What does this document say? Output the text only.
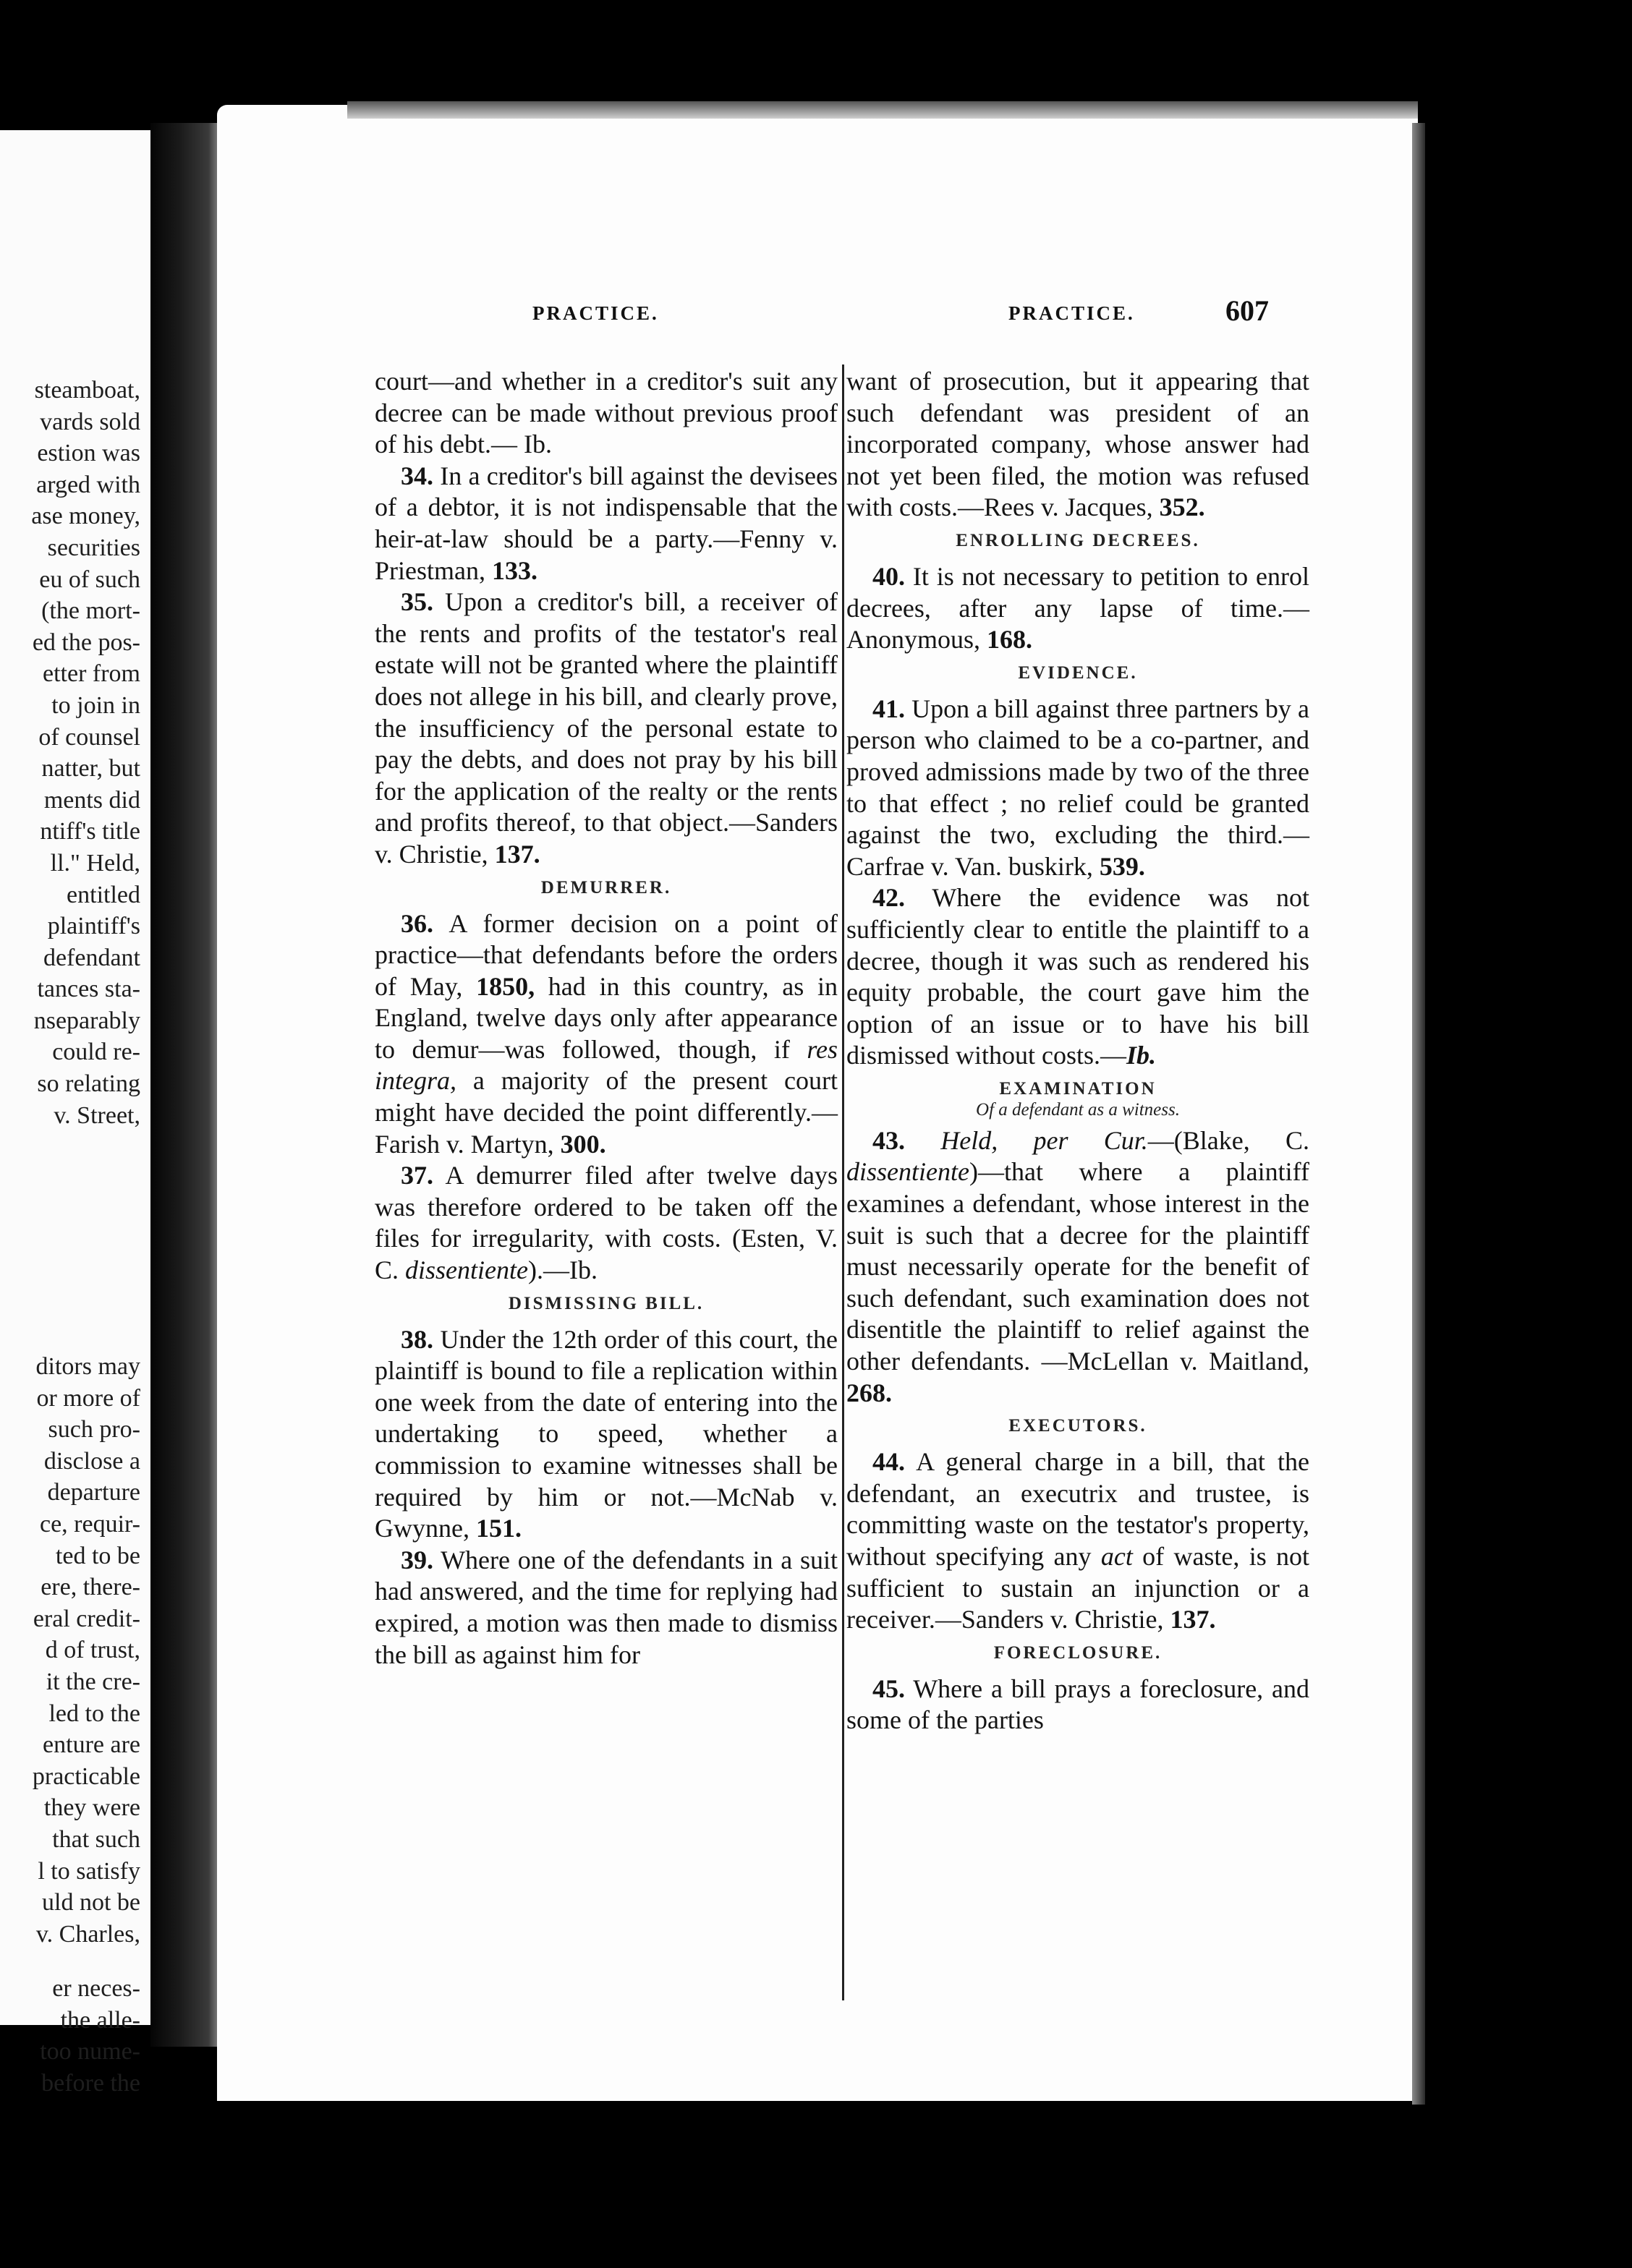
steamboat,
vards sold
estion was
arged with
ase money,
securities
eu of such
(the mort-
ed the pos-
etter from
to join in
of counsel
natter, but
ments did
ntiff's title
ll." Held,
entitled
plaintiff's
defendant
tances sta-
nseparably
could re-
so relating
v. Street,
ditors may
or more of
such pro-
disclose a
departure
ce, requir-
ted to be
ere, there-
eral credit-
d of trust,
it the cre-
led to the
enture are
practicable
they were
that such
l to satisfy
uld not be
v. Charles,
er neces-
the alle-
too nume-
before the
PRACTICE.	PRACTICE.	607

court—and whether in a creditor's suit any decree can be made without previous proof of his debt.— Ib.

34. In a creditor's bill against the devisees of a debtor, it is not indispensable that the heir-at-law should be a party.—Fenny v. Priestman, 133.

35. Upon a creditor's bill, a receiver of the rents and profits of the testator's real estate will not be granted where the plaintiff does not allege in his bill, and clearly prove, the insufficiency of the personal estate to pay the debts, and does not pray by his bill for the application of the realty or the rents and profits thereof, to that object.—Sanders v. Christie, 137.

DEMURRER.

36. A former decision on a point of practice—that defendants before the orders of May, 1850, had in this country, as in England, twelve days only after appearance to demur—was followed, though, if res integra, a majority of the present court might have decided the point differently.—Farish v. Martyn, 300.

37. A demurrer filed after twelve days was therefore ordered to be taken off the files for irregularity, with costs. (Esten, V. C. dissentiente).—Ib.

DISMISSING BILL.

38. Under the 12th order of this court, the plaintiff is bound to file a replication within one week from the date of entering into the undertaking to speed, whether a commission to examine witnesses shall be required by him or not.—McNab v. Gwynne, 151.

39. Where one of the defendants in a suit had answered, and the time for replying had expired, a motion was then made to dismiss the bill as against him for

want of prosecution, but it appearing that such defendant was president of an incorporated company, whose answer had not yet been filed, the motion was refused with costs.—Rees v. Jacques, 352.

ENROLLING DECREES.

40. It is not necessary to petition to enrol decrees, after any lapse of time.—Anonymous, 168.

EVIDENCE.

41. Upon a bill against three partners by a person who claimed to be a co-partner, and proved admissions made by two of the three to that effect ; no relief could be granted against the two, excluding the third.—Carfrae v. Van. buskirk, 539.

42. Where the evidence was not sufficiently clear to entitle the plaintiff to a decree, though it was such as rendered his equity probable, the court gave him the option of an issue or to have his bill dismissed without costs.—Ib.

EXAMINATION
Of a defendant as a witness.

43. Held, per Cur.—(Blake, C. dissentiente)—that where a plaintiff examines a defendant, whose interest in the suit is such that a decree for the plaintiff must necessarily operate for the benefit of such defendant, such examination does not disentitle the plaintiff to relief against the other defendants. —McLellan v. Maitland, 268.

EXECUTORS.

44. A general charge in a bill, that the defendant, an executrix and trustee, is committing waste on the testator's property, without specifying any act of waste, is not sufficient to sustain an injunction or a receiver.—Sanders v. Christie, 137.

FORECLOSURE.

45. Where a bill prays a foreclosure, and some of the parties
